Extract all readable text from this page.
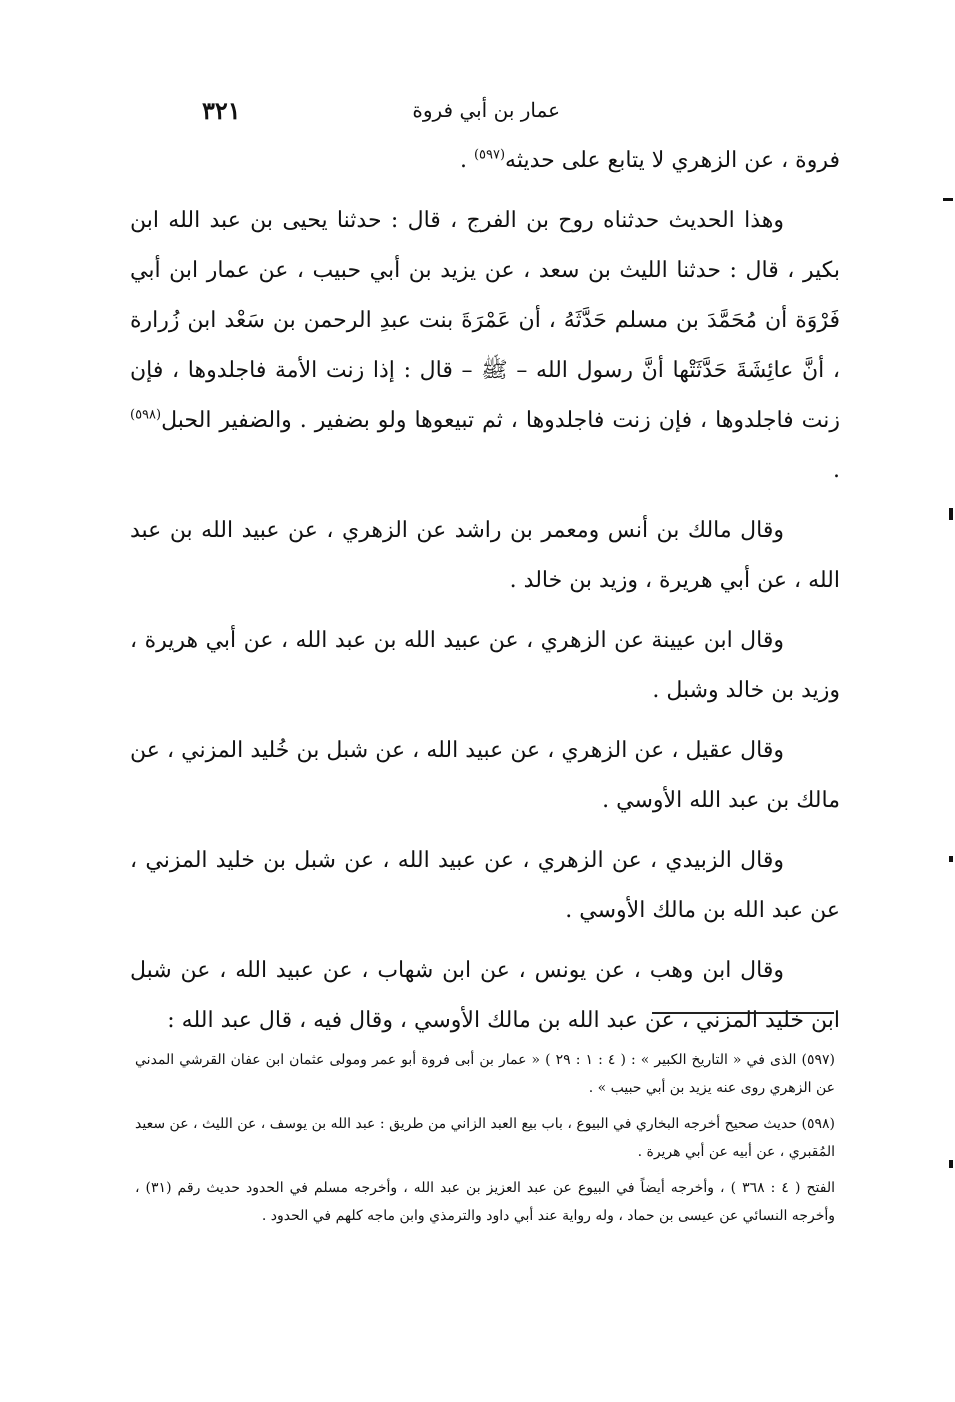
٣٢١	عمار بن أبي فروة

فروة ، عن الزهري لا يتابع على حديثه$^{(٥٩٧)}$ .

وهذا الحديث حدثناه روح بن الفرج ، قال : حدثنا يحيى بن عبد الله ابن بكير ، قال : حدثنا الليث بن سعد ، عن يزيد بن أبي حبيب ، عن عمار ابن أبي فَرْوَة أن مُحَمَّدَ بن مسلم حَدَّثَهُ ، أن عَمْرَةَ بنت عبدِ الرحمن بن سَعْد ابن زُرارة ، أنَّ عائِشَةَ حَدَّثَتْها أنَّ رسول الله – ﷺ – قال : إذا زنت الأمة فاجلدوها ، فإن زنت فاجلدوها ، فإن زنت فاجلدوها ، ثم تبيعوها ولو بضفير . والضفير الحبل$^{(٥٩٨)}$ .

وقال مالك بن أنس ومعمر بن راشد عن الزهري ، عن عبيد الله بن عبد الله ، عن أبي هريرة ، وزيد بن خالد .

وقال ابن عيينة عن الزهري ، عن عبيد الله بن عبد الله ، عن أبي هريرة ، وزيد بن خالد وشبل .

وقال عقيل ، عن الزهري ، عن عبيد الله ، عن شبل بن خُليد المزني ، عن مالك بن عبد الله الأوسي .

وقال الزبيدي ، عن الزهري ، عن عبيد الله ، عن شبل بن خليد المزني ، عن عبد الله بن مالك الأوسي .

وقال ابن وهب ، عن يونس ، عن ابن شهاب ، عن عبيد الله ، عن شبل ابن خليد المزني ، عن عبد الله بن مالك الأوسي ، وقال فيه ، قال عبد الله :

(٥٩٧) الذى في « التاريخ الكبير » : ( ٤ : ١ : ٢٩ ) « عمار بن أبى فروة أبو عمر ومولى عثمان ابن عفان القرشي المدني عن الزهري روى عنه يزيد بن أبي حبيب » .

(٥٩٨) حديث صحيح أخرجه البخاري في البيوع ، باب بيع العبد الزاني من طريق : عبد الله بن يوسف ، عن الليث ، عن سعيد المُقبري ، عن أبيه عن أبي هريرة .

الفتح ( ٤ : ٣٦٨ ) ، وأخرجه أيضاً في البيوع عن عبد العزيز بن عبد الله ، وأخرجه مسلم في الحدود حديث رقم (٣١) ، وأخرجه النسائي عن عيسى بن حماد ، وله رواية عند أبي داود والترمذي وابن ماجه كلهم في الحدود .
